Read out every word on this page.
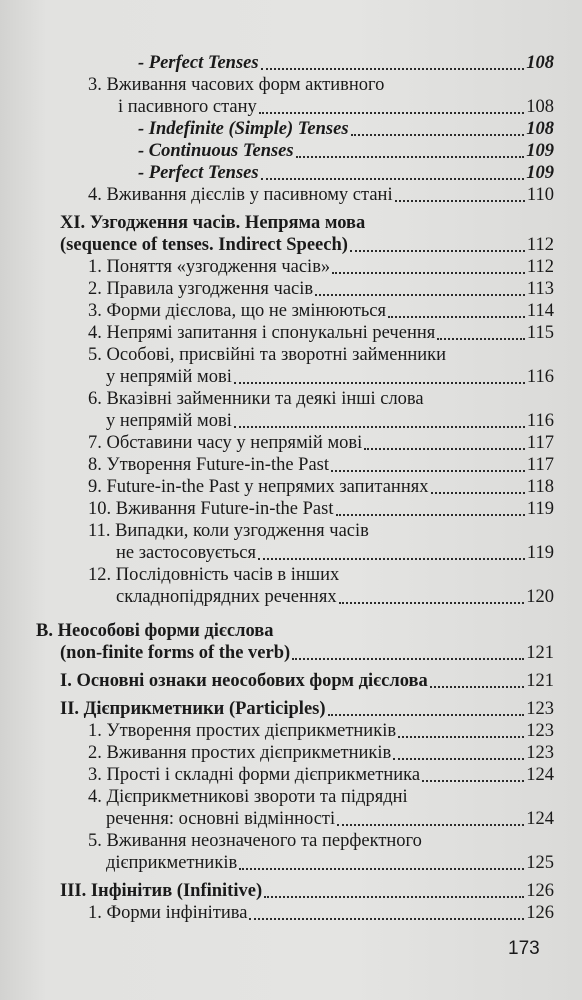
- Perfect Tenses	108
3. Вживання часових форм активного
і пасивного стану	108
- Indefinite (Simple) Tenses	108
- Continuous Tenses	109
- Perfect Tenses	109
4. Вживання дієслів у пасивному стані	110
XI. Узгодження часів. Непряма мова
(sequence of tenses. Indirect Speech)	112
1. Поняття «узгодження часів»	112
2. Правила узгодження часів	113
3. Форми дієслова, що не змінюються	114
4. Непрямі запитання і спонукальні речення	115
5. Особові, присвійні та зворотні займенники
у непрямій мові	116
6. Вказівні займенники та деякі інші слова
у непрямій мові	116
7. Обставини часу у непрямій мові	117
8. Утворення Future-in-the Past	117
9. Future-in-the Past у непрямих запитаннях	118
10. Вживання Future-in-the Past	119
11. Випадки, коли узгодження часів
не застосовується	119
12. Послідовність часів в інших
складнопідрядних реченнях	120
В. Неособові форми дієслова
(non-finite forms of the verb)	121
I. Основні ознаки неособових форм дієслова	121
II. Дієприкметники (Participles)	123
1. Утворення простих дієприкметників	123
2. Вживання простих дієприкметників	123
3. Прості і складні форми дієприкметника	124
4. Дієприкметникові звороти та підрядні
речення: основні відмінності	124
5. Вживання неозначеного та перфектного
дієприкметників	125
III. Інфінітив (Infinitive)	126
1. Форми інфінітива	126
173
